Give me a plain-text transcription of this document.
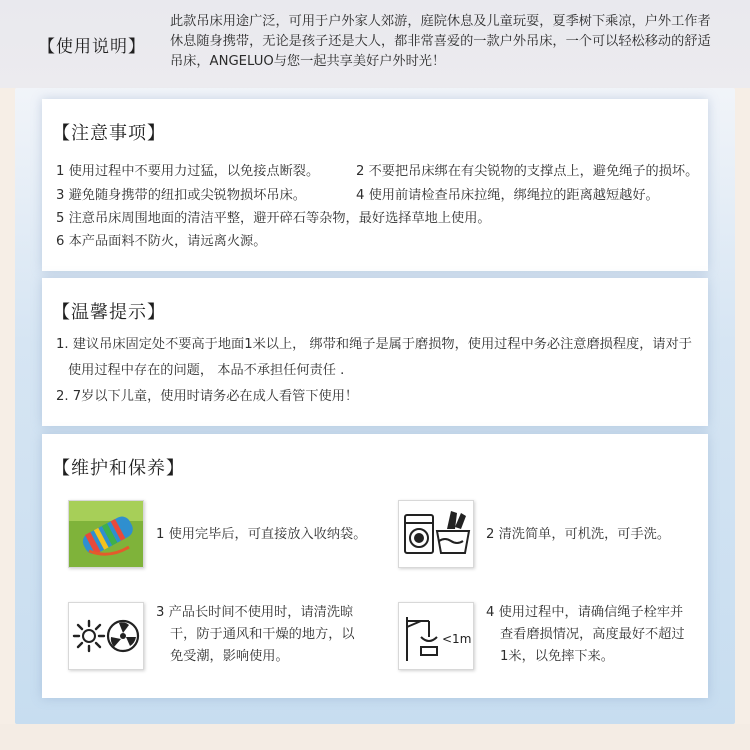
【使用说明】
此款吊床用途广泛，可用于户外家人郊游，庭院休息及儿童玩耍，夏季树下乘凉，户外工作者
休息随身携带，无论是孩子还是大人，都非常喜爱的一款户外吊床，一个可以轻松移动的舒适
吊床，ANGELUO与您一起共享美好户外时光！
【注意事项】
1 使用过程中不要用力过猛，以免接点断裂。	2 不要把吊床绑在有尖锐物的支撑点上，避免绳子的损坏。
3 避免随身携带的纽扣或尖锐物损坏吊床。	4 使用前请检查吊床拉绳，绑绳拉的距离越短越好。
5 注意吊床周围地面的清洁平整，避开碎石等杂物，最好选择草地上使用。
6 本产品面料不防火，请远离火源。
【温馨提示】
1. 建议吊床固定处不要高于地面1米以上， 绑带和绳子是属于磨损物，使用过程中务必注意磨损程度，请对于
使用过程中存在的问题， 本品不承担任何责任 .
2. 7岁以下儿童，使用时请务必在成人看管下使用！
【维护和保养】
1 使用完毕后，可直接放入收纳袋。	2 清洗简单，可机洗，可手洗。
3 产品长时间不使用时，请清洗晾
干，防于通风和干燥的地方，以
免受潮，影响使用。
<1m
4 使用过程中，请确信绳子栓牢并
查看磨损情况，高度最好不超过
1米，以免摔下来。
